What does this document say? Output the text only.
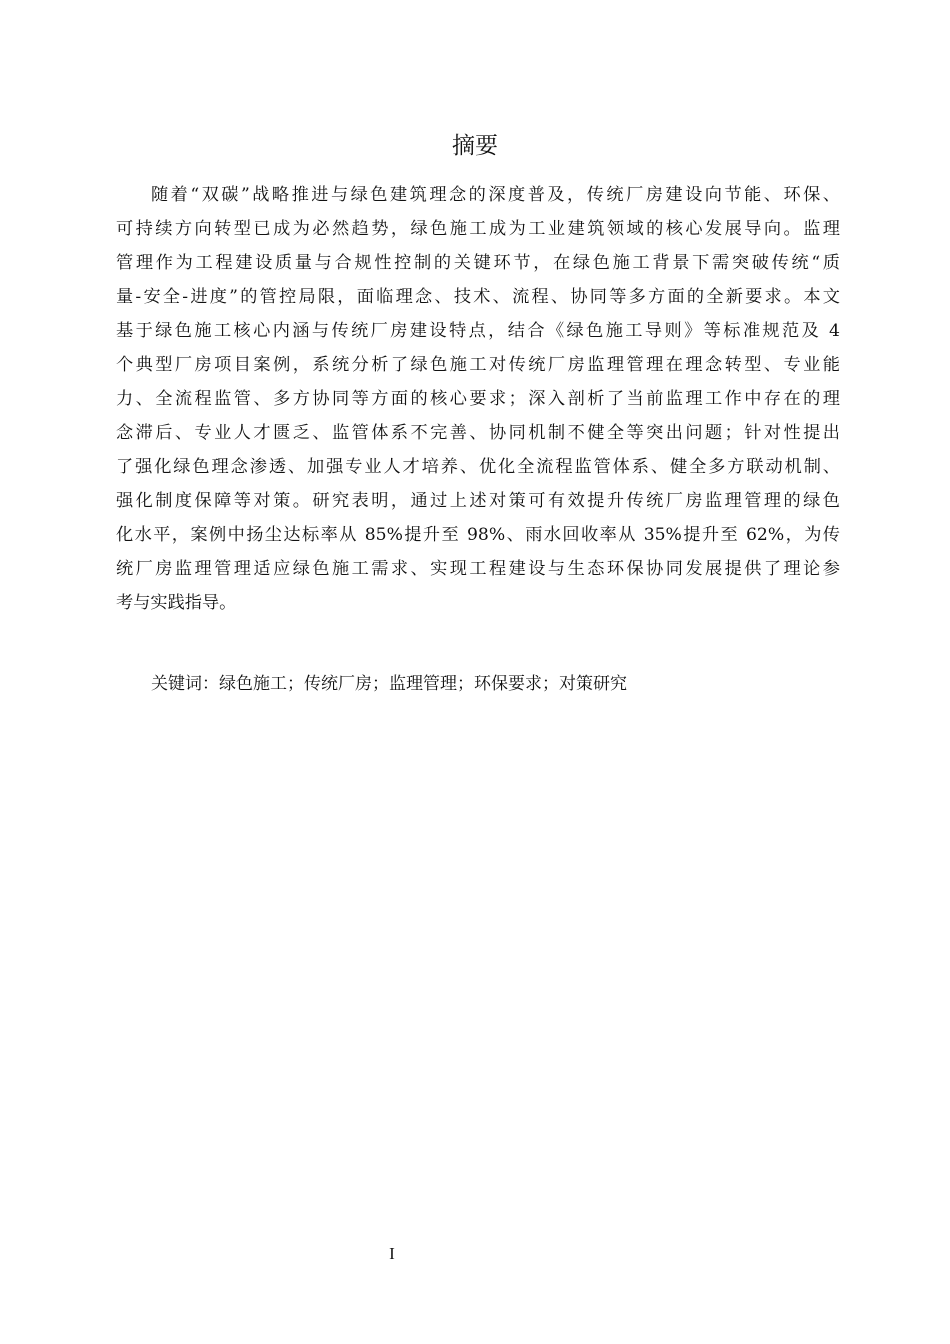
摘要
随着“双碳”战略推进与绿色建筑理念的深度普及，传统厂房建设向节能、环保、
可持续方向转型已成为必然趋势，绿色施工成为工业建筑领域的核心发展导向。监理
管理作为工程建设质量与合规性控制的关键环节，在绿色施工背景下需突破传统“质
量-安全-进度”的管控局限，面临理念、技术、流程、协同等多方面的全新要求。本文
基于绿色施工核心内涵与传统厂房建设特点，结合《绿色施工导则》等标准规范及 4
个典型厂房项目案例，系统分析了绿色施工对传统厂房监理管理在理念转型、专业能
力、全流程监管、多方协同等方面的核心要求；深入剖析了当前监理工作中存在的理
念滞后、专业人才匮乏、监管体系不完善、协同机制不健全等突出问题；针对性提出
了强化绿色理念渗透、加强专业人才培养、优化全流程监管体系、健全多方联动机制、
强化制度保障等对策。研究表明，通过上述对策可有效提升传统厂房监理管理的绿色
化水平，案例中扬尘达标率从 85%提升至 98%、雨水回收率从 35%提升至 62%，为传
统厂房监理管理适应绿色施工需求、实现工程建设与生态环保协同发展提供了理论参
考与实践指导。
关键词：绿色施工；传统厂房；监理管理；环保要求；对策研究
I
